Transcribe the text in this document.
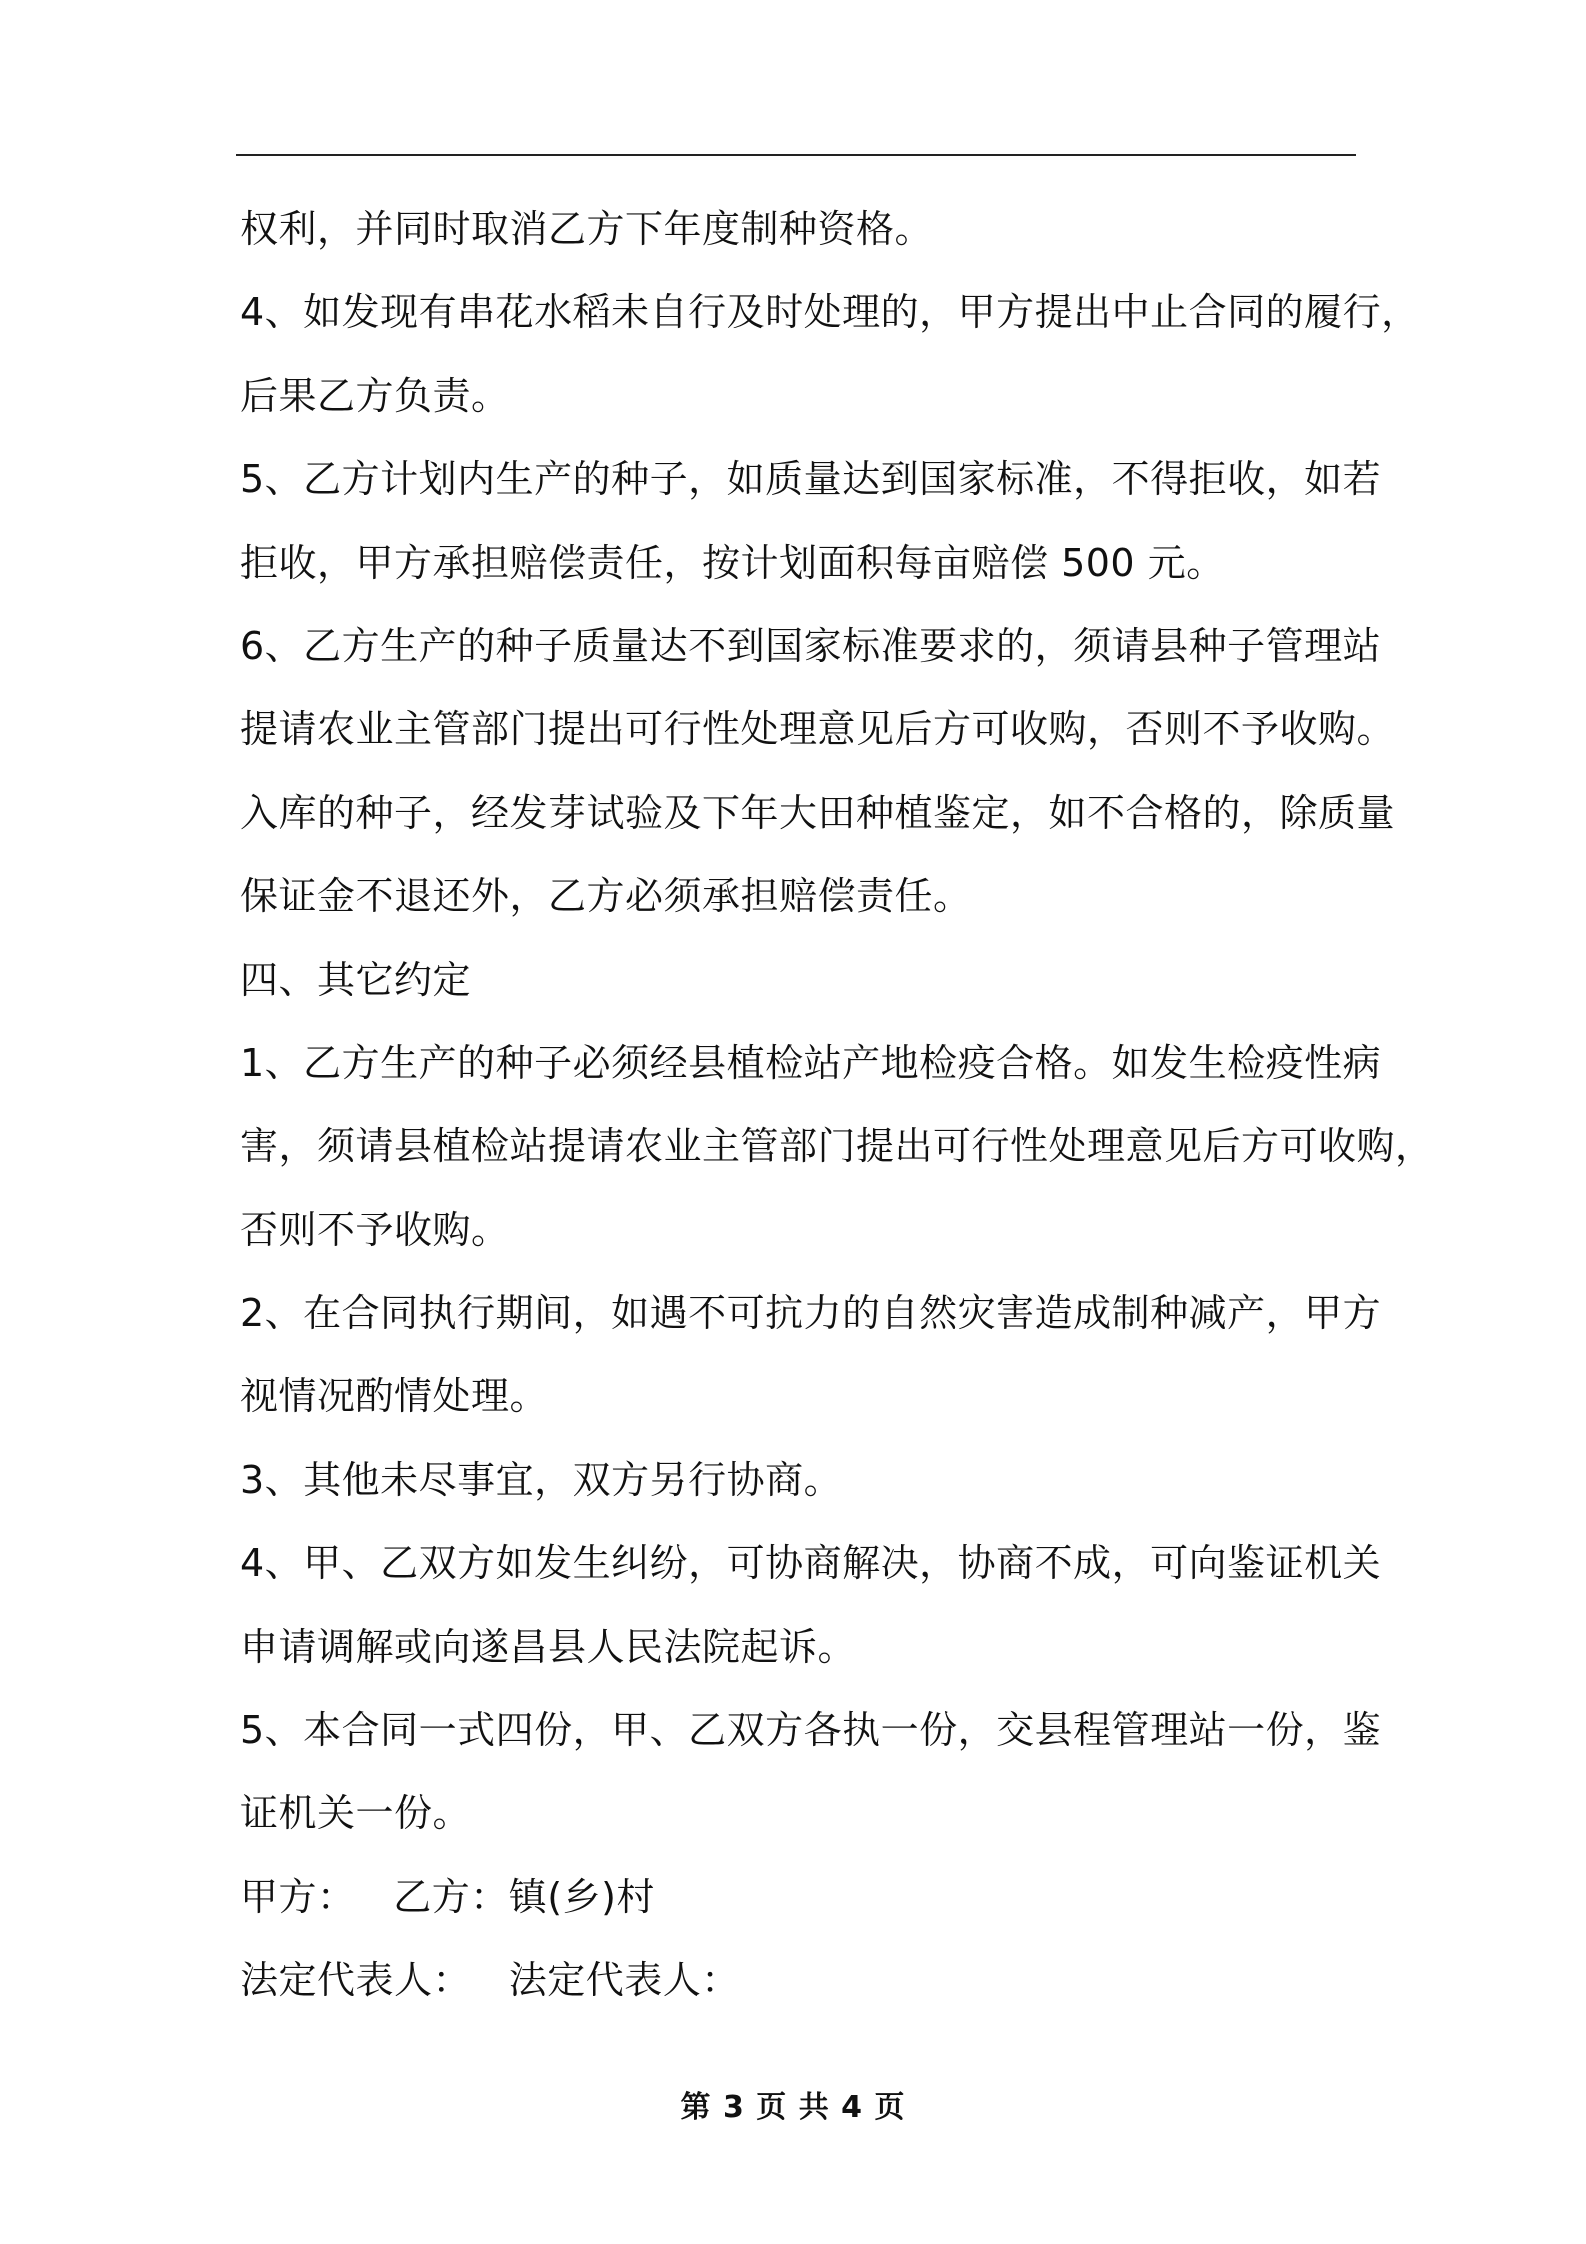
权利，并同时取消乙方下年度制种资格。
4、如发现有串花水稻未自行及时处理的，甲方提出中止合同的履行，
后果乙方负责。
5、乙方计划内生产的种子，如质量达到国家标准，不得拒收，如若
拒收，甲方承担赔偿责任，按计划面积每亩赔偿 500 元。
6、乙方生产的种子质量达不到国家标准要求的，须请县种子管理站
提请农业主管部门提出可行性处理意见后方可收购，否则不予收购。
入库的种子，经发芽试验及下年大田种植鉴定，如不合格的，除质量
保证金不退还外，乙方必须承担赔偿责任。
四、其它约定
1、乙方生产的种子必须经县植检站产地检疫合格。如发生检疫性病
害，须请县植检站提请农业主管部门提出可行性处理意见后方可收购，
否则不予收购。
2、在合同执行期间，如遇不可抗力的自然灾害造成制种减产，甲方
视情况酌情处理。
3、其他未尽事宜，双方另行协商。
4、甲、乙双方如发生纠纷，可协商解决，协商不成，可向鉴证机关
申请调解或向遂昌县人民法院起诉。
5、本合同一式四份，甲、乙双方各执一份，交县程管理站一份，鉴
证机关一份。
甲方：   乙方：镇(乡)村
法定代表人：   法定代表人：
第 3 页 共 4 页
